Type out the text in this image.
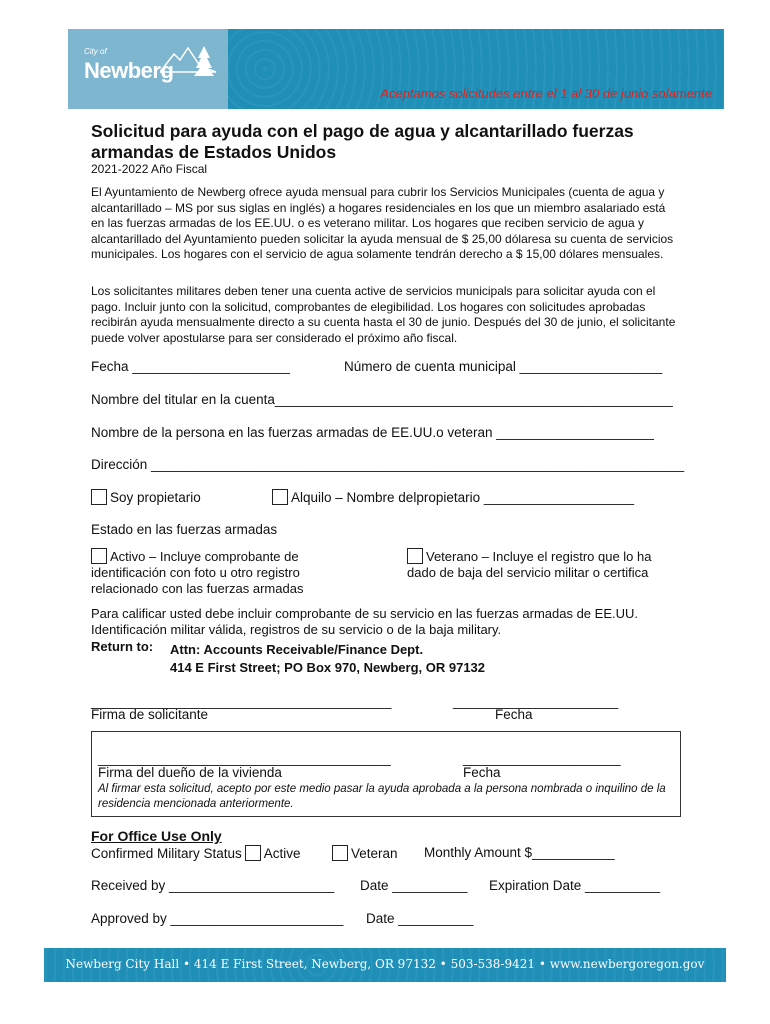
City of
Newberg
Aceptamos solicitudes entre el 1 al 30 de junio solamente
Solicitud para ayuda con el pago de agua y alcantarillado fuerzas armandas de Estados Unidos
2021-2022 Año Fiscal
El Ayuntamiento de Newberg ofrece ayuda mensual para cubrir los Servicios Municipales (cuenta de agua y alcantarillado – MS por sus siglas en inglés) a hogares residenciales en los que un miembro asalariado está en las fuerzas armadas de los EE.UU. o es veterano militar. Los hogares que reciben servicio de agua y alcantarillado del Ayuntamiento pueden solicitar la ayuda mensual de $ 25,00 dólaresa su cuenta de servicios municipales. Los hogares con el servicio de agua solamente tendrán derecho a $ 15,00 dólares mensuales.
Los solicitantes militares deben tener una cuenta active de servicios municipals para solicitar ayuda con el pago. Incluir junto con la solicitud, comprobantes de elegibilidad. Los hogares con solicitudes aprobadas recibirán ayuda mensualmente directo a su cuenta hasta el 30 de junio. Después del 30 de junio, el solicitante puede volver apostularse para ser considerado el próximo año fiscal.
Fecha _____________________	Número de cuenta municipal ___________________
Nombre del titular en la cuenta_____________________________________________________
Nombre de la persona en las fuerzas armadas de EE.UU.o veteran _____________________
Dirección _______________________________________________________________________
Soy propietario	Alquilo – Nombre delpropietario ____________________
Estado en las fuerzas armadas
Activo – Incluye comprobante de identificación con foto u otro registro relacionado con las fuerzas armadas
Veterano – Incluye el registro que lo ha dado de baja del servicio militar o certifica
Para calificar usted debe incluir comprobante de su servicio en las fuerzas armadas de EE.UU. Identificación militar válida, registros de su servicio o de la baja military.
Return to: Attn: Accounts Receivable/Finance Dept.
414 E First Street; PO Box 970, Newberg, OR 97132
________________________________________	______________________
Firma de solicitante	Fecha
_______________________________________	_____________________
Firma del dueño de la vivienda	Fecha
Al firmar esta solicitud, acepto por este medio pasar la ayuda aprobada a la persona nombrada o inquilino de la residencia mencionada anteriormente.
For Office Use Only
Confirmed Military Status Active	Veteran Monthly Amount $___________
Received by ______________________ Date __________ Expiration Date __________
Approved by _______________________ Date __________
Newberg City Hall • 414 E First Street, Newberg, OR 97132 • 503-538-9421 • www.newbergoregon.gov
